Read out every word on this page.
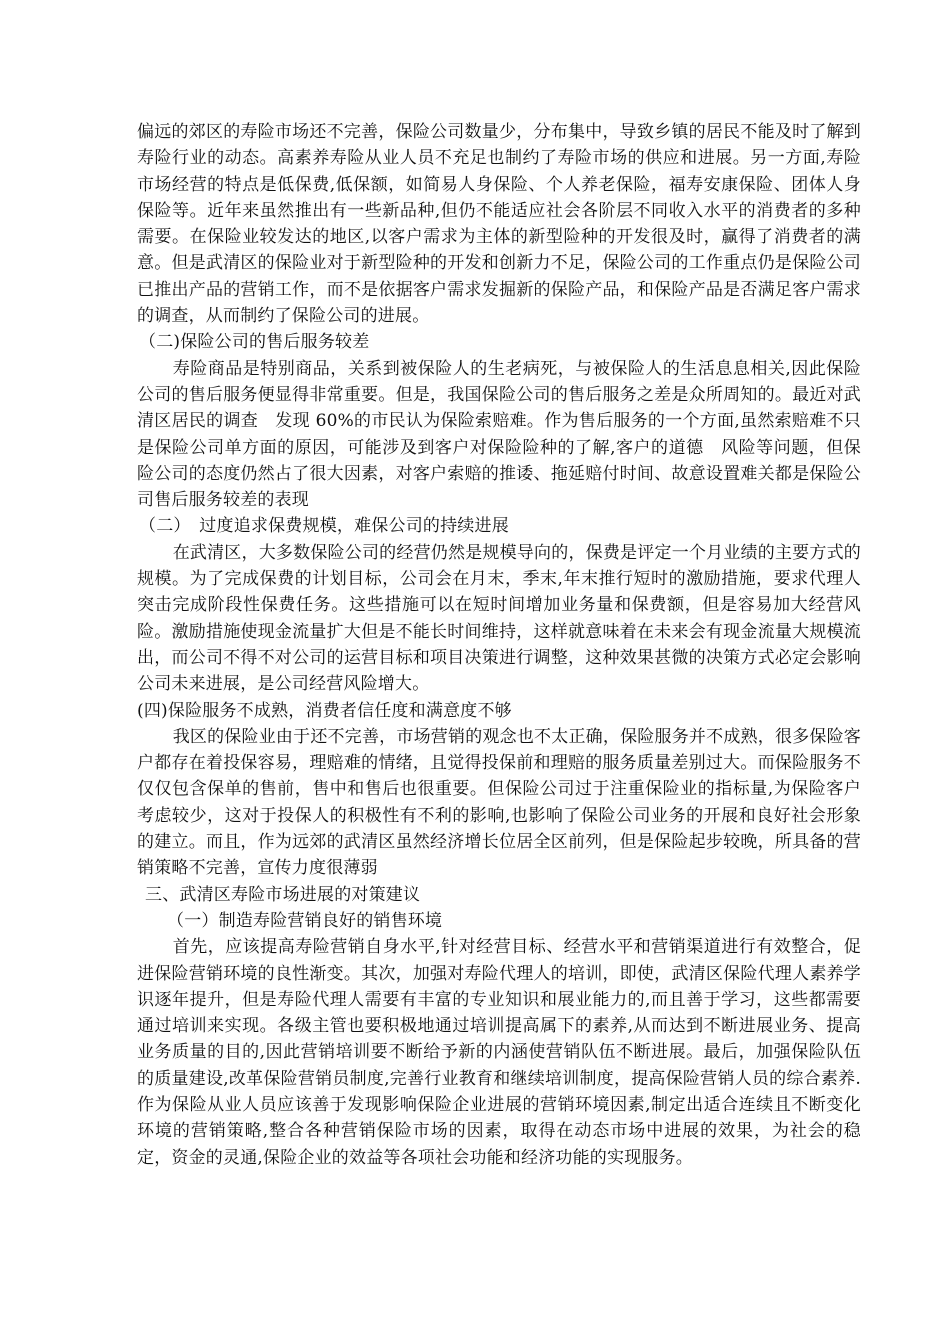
偏远的郊区的寿险市场还不完善，保险公司数量少，分布集中，导致乡镇的居民不能及时了解到寿险行业的动态。高素养寿险从业人员不充足也制约了寿险市场的供应和进展。另一方面,寿险市场经营的特点是低保费,低保额，如简易人身保险、个人养老保险，福寿安康保险、团体人身保险等。近年来虽然推出有一些新品种,但仍不能适应社会各阶层不同收入水平的消费者的多种需要。在保险业较发达的地区,以客户需求为主体的新型险种的开发很及时，赢得了消费者的满意。但是武清区的保险业对于新型险种的开发和创新力不足，保险公司的工作重点仍是保险公司已推出产品的营销工作，而不是依据客户需求发掘新的保险产品，和保险产品是否满足客户需求的调查，从而制约了保险公司的进展。

（二)保险公司的售后服务较差

寿险商品是特别商品，关系到被保险人的生老病死，与被保险人的生活息息相关,因此保险公司的售后服务便显得非常重要。但是，我国保险公司的售后服务之差是众所周知的。最近对武清区居民的调查　发现 60%的市民认为保险索赔难。作为售后服务的一个方面,虽然索赔难不只是保险公司单方面的原因，可能涉及到客户对保险险种的了解,客户的道德　风险等问题，但保险公司的态度仍然占了很大因素，对客户索赔的推诿、拖延赔付时间、故意设置难关都是保险公司售后服务较差的表现

（二）　过度追求保费规模，难保公司的持续进展

在武清区，大多数保险公司的经营仍然是规模导向的，保费是评定一个月业绩的主要方式的规模。为了完成保费的计划目标，公司会在月末，季末,年末推行短时的激励措施，要求代理人突击完成阶段性保费任务。这些措施可以在短时间增加业务量和保费额，但是容易加大经营风险。激励措施使现金流量扩大但是不能长时间维持，这样就意味着在未来会有现金流量大规模流出，而公司不得不对公司的运营目标和项目决策进行调整，这种效果甚微的决策方式必定会影响公司未来进展，是公司经营风险增大。

(四)保险服务不成熟，消费者信任度和满意度不够

我区的保险业由于还不完善，市场营销的观念也不太正确，保险服务并不成熟，很多保险客户都存在着投保容易，理赔难的情绪，且觉得投保前和理赔的服务质量差别过大。而保险服务不仅仅包含保单的售前，售中和售后也很重要。但保险公司过于注重保险业的指标量,为保险客户考虑较少，这对于投保人的积极性有不利的影响,也影响了保险公司业务的开展和良好社会形象的建立。而且，作为远郊的武清区虽然经济增长位居全区前列，但是保险起步较晚，所具备的营销策略不完善，宣传力度很薄弱

三、武清区寿险市场进展的对策建议

（一）制造寿险营销良好的销售环境

首先，应该提高寿险营销自身水平,针对经营目标、经营水平和营销渠道进行有效整合，促进保险营销环境的良性渐变。其次，加强对寿险代理人的培训，即使，武清区保险代理人素养学识逐年提升，但是寿险代理人需要有丰富的专业知识和展业能力的,而且善于学习，这些都需要通过培训来实现。各级主管也要积极地通过培训提高属下的素养,从而达到不断进展业务、提高业务质量的目的,因此营销培训要不断给予新的内涵使营销队伍不断进展。最后，加强保险队伍的质量建设,改革保险营销员制度,完善行业教育和继续培训制度，提高保险营销人员的综合素养.作为保险从业人员应该善于发现影响保险企业进展的营销环境因素,制定出适合连续且不断变化环境的营销策略,整合各种营销保险市场的因素，取得在动态市场中进展的效果，为社会的稳定，资金的灵通,保险企业的效益等各项社会功能和经济功能的实现服务。
